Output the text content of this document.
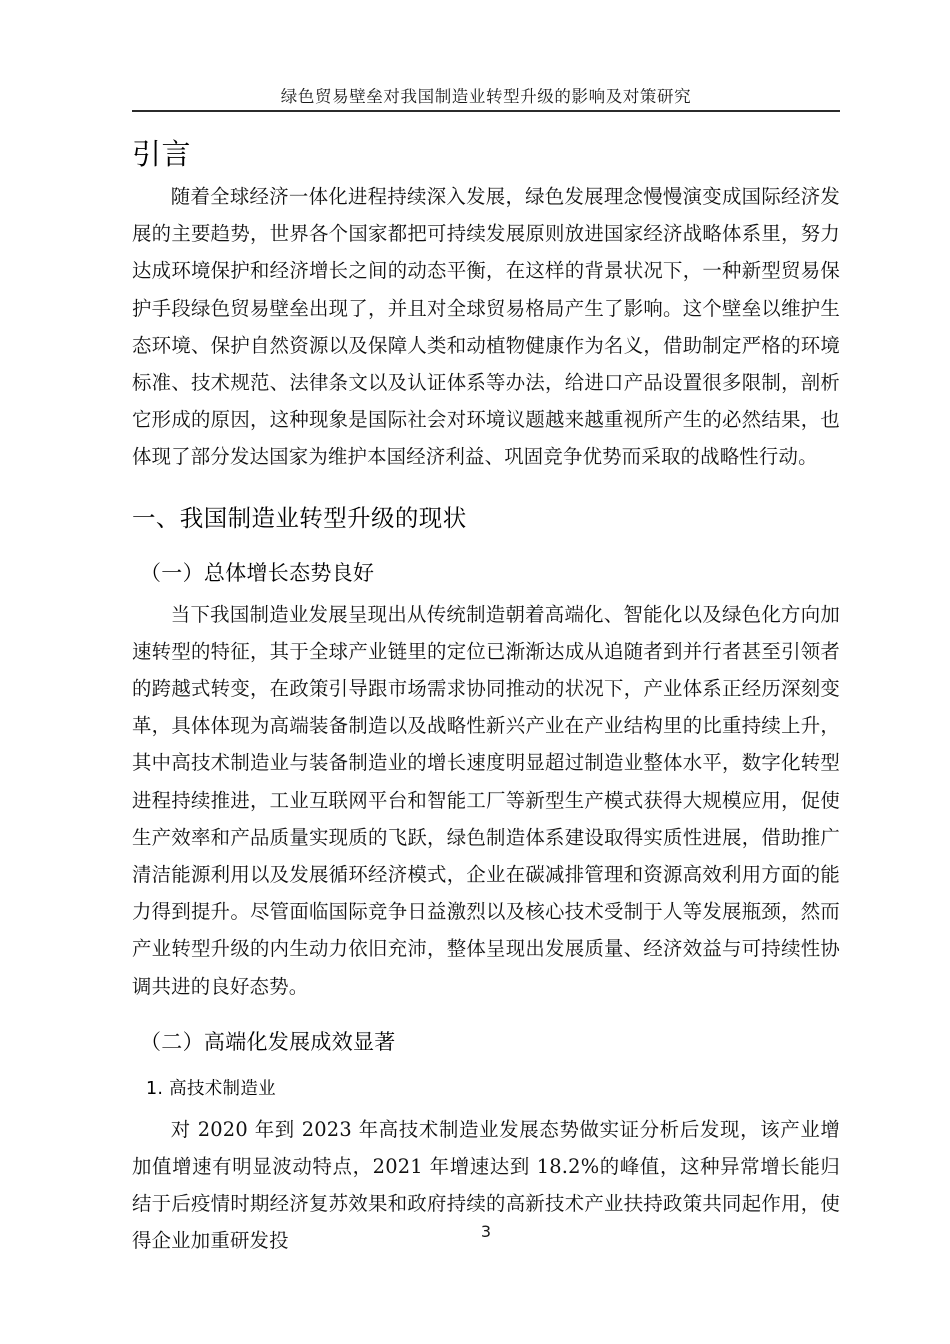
绿色贸易壁垒对我国制造业转型升级的影响及对策研究
引言

随着全球经济一体化进程持续深入发展，绿色发展理念慢慢演变成国际经济发展的主要趋势，世界各个国家都把可持续发展原则放进国家经济战略体系里，努力达成环境保护和经济增长之间的动态平衡，在这样的背景状况下，一种新型贸易保护手段绿色贸易壁垒出现了，并且对全球贸易格局产生了影响。这个壁垒以维护生态环境、保护自然资源以及保障人类和动植物健康作为名义，借助制定严格的环境标准、技术规范、法律条文以及认证体系等办法，给进口产品设置很多限制，剖析它形成的原因，这种现象是国际社会对环境议题越来越重视所产生的必然结果，也体现了部分发达国家为维护本国经济利益、巩固竞争优势而采取的战略性行动。

一、我国制造业转型升级的现状
（一）总体增长态势良好

当下我国制造业发展呈现出从传统制造朝着高端化、智能化以及绿色化方向加速转型的特征，其于全球产业链里的定位已渐渐达成从追随者到并行者甚至引领者的跨越式转变，在政策引导跟市场需求协同推动的状况下，产业体系正经历深刻变革，具体体现为高端装备制造以及战略性新兴产业在产业结构里的比重持续上升，其中高技术制造业与装备制造业的增长速度明显超过制造业整体水平，数字化转型进程持续推进，工业互联网平台和智能工厂等新型生产模式获得大规模应用，促使生产效率和产品质量实现质的飞跃，绿色制造体系建设取得实质性进展，借助推广清洁能源利用以及发展循环经济模式，企业在碳减排管理和资源高效利用方面的能力得到提升。尽管面临国际竞争日益激烈以及核心技术受制于人等发展瓶颈，然而产业转型升级的内生动力依旧充沛，整体呈现出发展质量、经济效益与可持续性协调共进的良好态势。

（二）高端化发展成效显著
1. 高技术制造业

对 2020 年到 2023 年高技术制造业发展态势做实证分析后发现，该产业增加值增速有明显波动特点，2021 年增速达到 18.2%的峰值，这种异常增长能归结于后疫情时期经济复苏效果和政府持续的高新技术产业扶持政策共同起作用，使得企业加重研发投	3
